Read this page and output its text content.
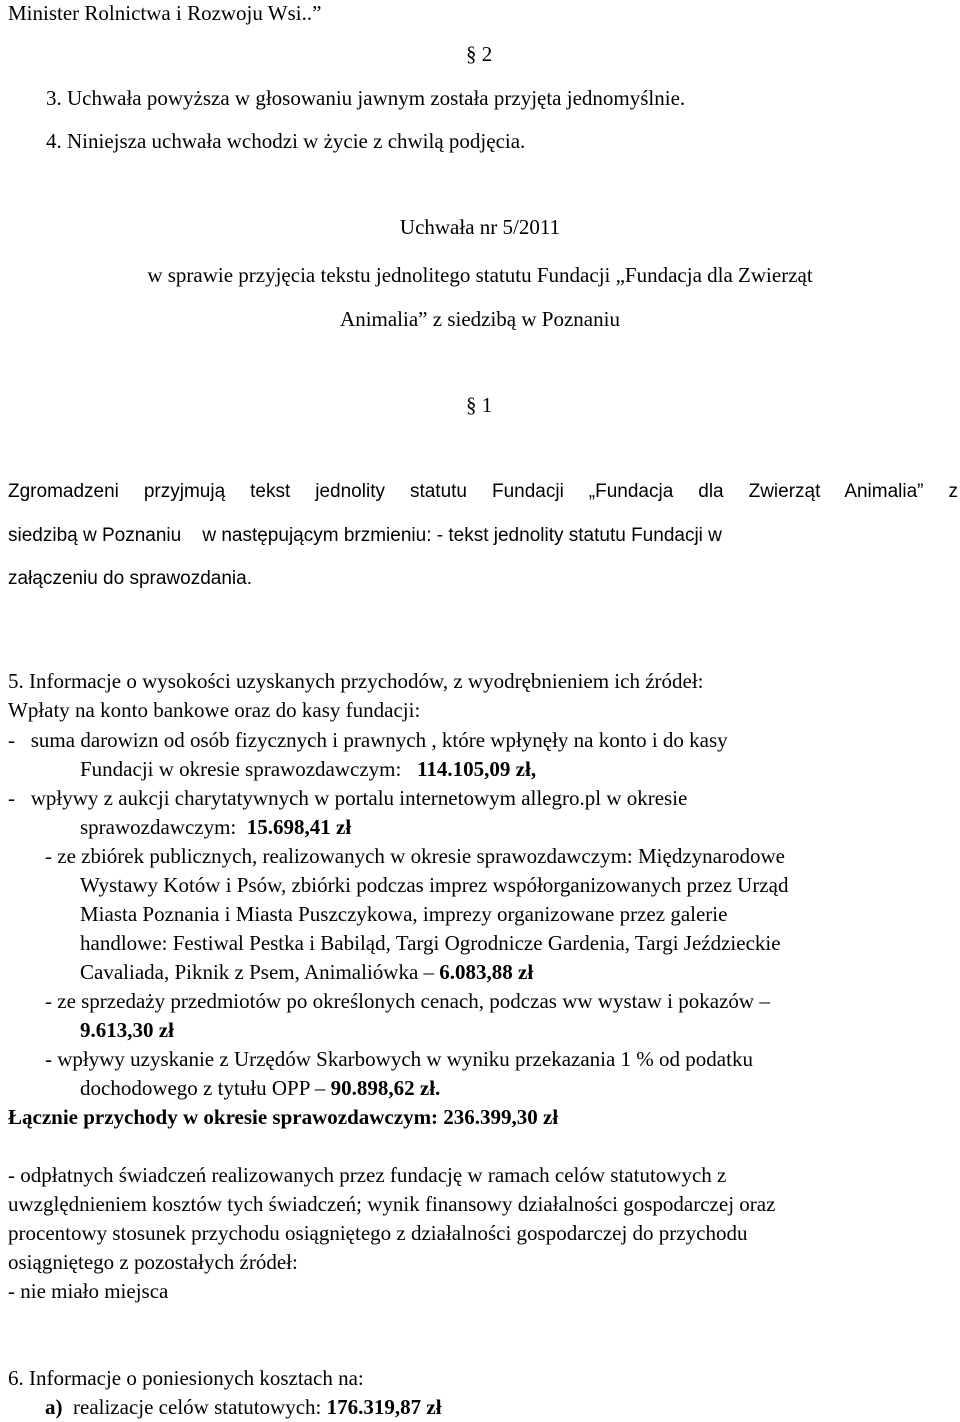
Minister Rolnictwa i Rozwoju Wsi..”
§ 2
3. Uchwała powyższa w głosowaniu jawnym została przyjęta jednomyślnie.
4. Niniejsza uchwała wchodzi w życie z chwilą podjęcia.
Uchwała nr 5/2011
w sprawie przyjęcia tekstu jednolitego statutu Fundacji „Fundacja dla Zwierząt
Animalia” z siedzibą w Poznaniu
§ 1
Zgromadzeni przyjmują tekst jednolity statutu Fundacji „Fundacja dla Zwierząt Animalia” z
siedzibą w Poznaniu    w następującym brzmieniu: - tekst jednolity statutu Fundacji w
załączeniu do sprawozdania.
5. Informacje o wysokości uzyskanych przychodów, z wyodrębnieniem ich źródeł:
Wpłaty na konto bankowe oraz do kasy fundacji:
-   suma darowizn od osób fizycznych i prawnych , które wpłynęły na konto i do kasy
Fundacji w okresie sprawozdawczym:   114.105,09 zł,
-   wpływy z aukcji charytatywnych w portalu internetowym allegro.pl w okresie
sprawozdawczym:  15.698,41 zł
- ze zbiórek publicznych, realizowanych w okresie sprawozdawczym: Międzynarodowe
Wystawy Kotów i Psów, zbiórki podczas imprez współorganizowanych przez Urząd
Miasta Poznania i Miasta Puszczykowa, imprezy organizowane przez galerie
handlowe: Festiwal Pestka i Babiląd, Targi Ogrodnicze Gardenia, Targi Jeździeckie
Cavaliada, Piknik z Psem, Animaliówka – 6.083,88 zł
- ze sprzedaży przedmiotów po określonych cenach, podczas ww wystaw i pokazów –
9.613,30 zł
- wpływy uzyskanie z Urzędów Skarbowych w wyniku przekazania 1 % od podatku
dochodowego z tytułu OPP – 90.898,62 zł.
Łącznie przychody w okresie sprawozdawczym: 236.399,30 zł
- odpłatnych świadczeń realizowanych przez fundację w ramach celów statutowych z
uwzględnieniem kosztów tych świadczeń; wynik finansowy działalności gospodarczej oraz
procentowy stosunek przychodu osiągniętego z działalności gospodarczej do przychodu
osiągniętego z pozostałych źródeł:
- nie miało miejsca
6. Informacje o poniesionych kosztach na:
a)  realizacje celów statutowych: 176.319,87 zł
